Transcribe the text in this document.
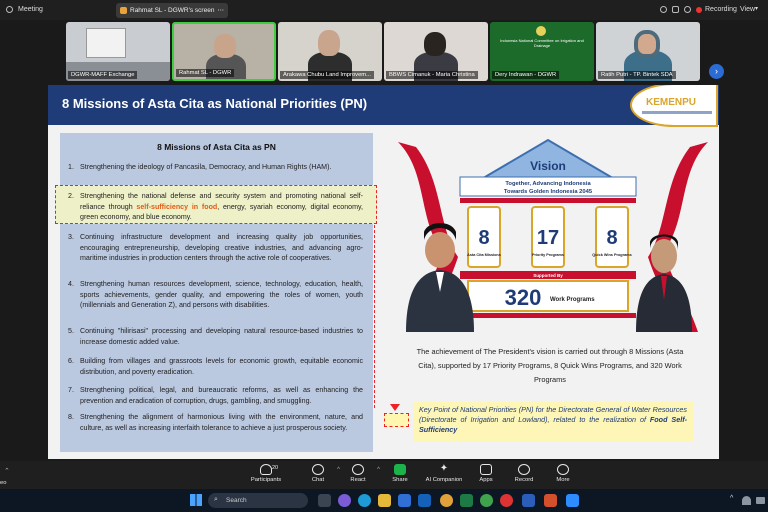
Meeting	Rahmat SL - DGWR's screen ⋯	Recording View ▾
DGWR-MAFF Exchange	Rahmat SL - DGWR	Arakawa Chubu Land Improvem...	BBWS Cimanuk - Maria Christina
Indonesia National Committee on Irrigation and Drainage
Dery Indrawan - DGWR	Ratih Putri - TP. Bintek SDA	›
8 Missions of Asta Cita as National Priorities (PN)	KEMENPU
8 Missions of Asta Cita as PN
1. Strengthening the ideology of Pancasila, Democracy, and Human Rights (HAM).
2. Strengthening the national defense and security system and promoting national self-reliance through self-sufficiency in food, energy, syariah economy, digital economy, green economy, and blue economy.
3. Continuing infrastructure development and increasing quality job opportunities, encouraging entrepreneurship, developing creative industries, and advancing agro-maritime industries in production centers through the active role of cooperatives.
4. Strengthening human resources development, science, technology, education, health, sports achievements, gender quality, and empowering the roles of women, youth (millennials and Generation Z), and persons with disabilities.
5. Continuing "hilirisasi" processing and developing natural resource-based industries to increase domestic added value.
6. Building from villages and grassroots levels for economic growth, equitable economic distribution, and poverty eradication.
7. Strengthening political, legal, and bureaucratic reforms, as well as enhancing the prevention and eradication of corruption, drugs, gambling, and smuggling.
8. Strengthening the alignment of harmonious living with the environment, nature, and culture, as well as increasing interfaith tolerance to achieve a just prosperous society.
Vision
Together, Advancing Indonesia
Towards Golden Indonesia 2045
8 17 8
Asta Cita Missions	Priority Programs	Quick Wins Programs
Supported By
320 Work Programs
The achievement of The President's vision is carried out through 8 Missions (Asta Cita), supported by 17 Priority Programs, 8 Quick Wins Programs, and 320 Work Programs
Key Point of National Priorities (PN) for the Directorate General of Water Resources (Directorate of Irrigation and Lowland), related to the realization of Food Self-Sufficiency
⌃
eo
20
Participants	Chat
^
React
^
Share
✦
AI Companion	Apps	Record	More
⌕ Search	^
